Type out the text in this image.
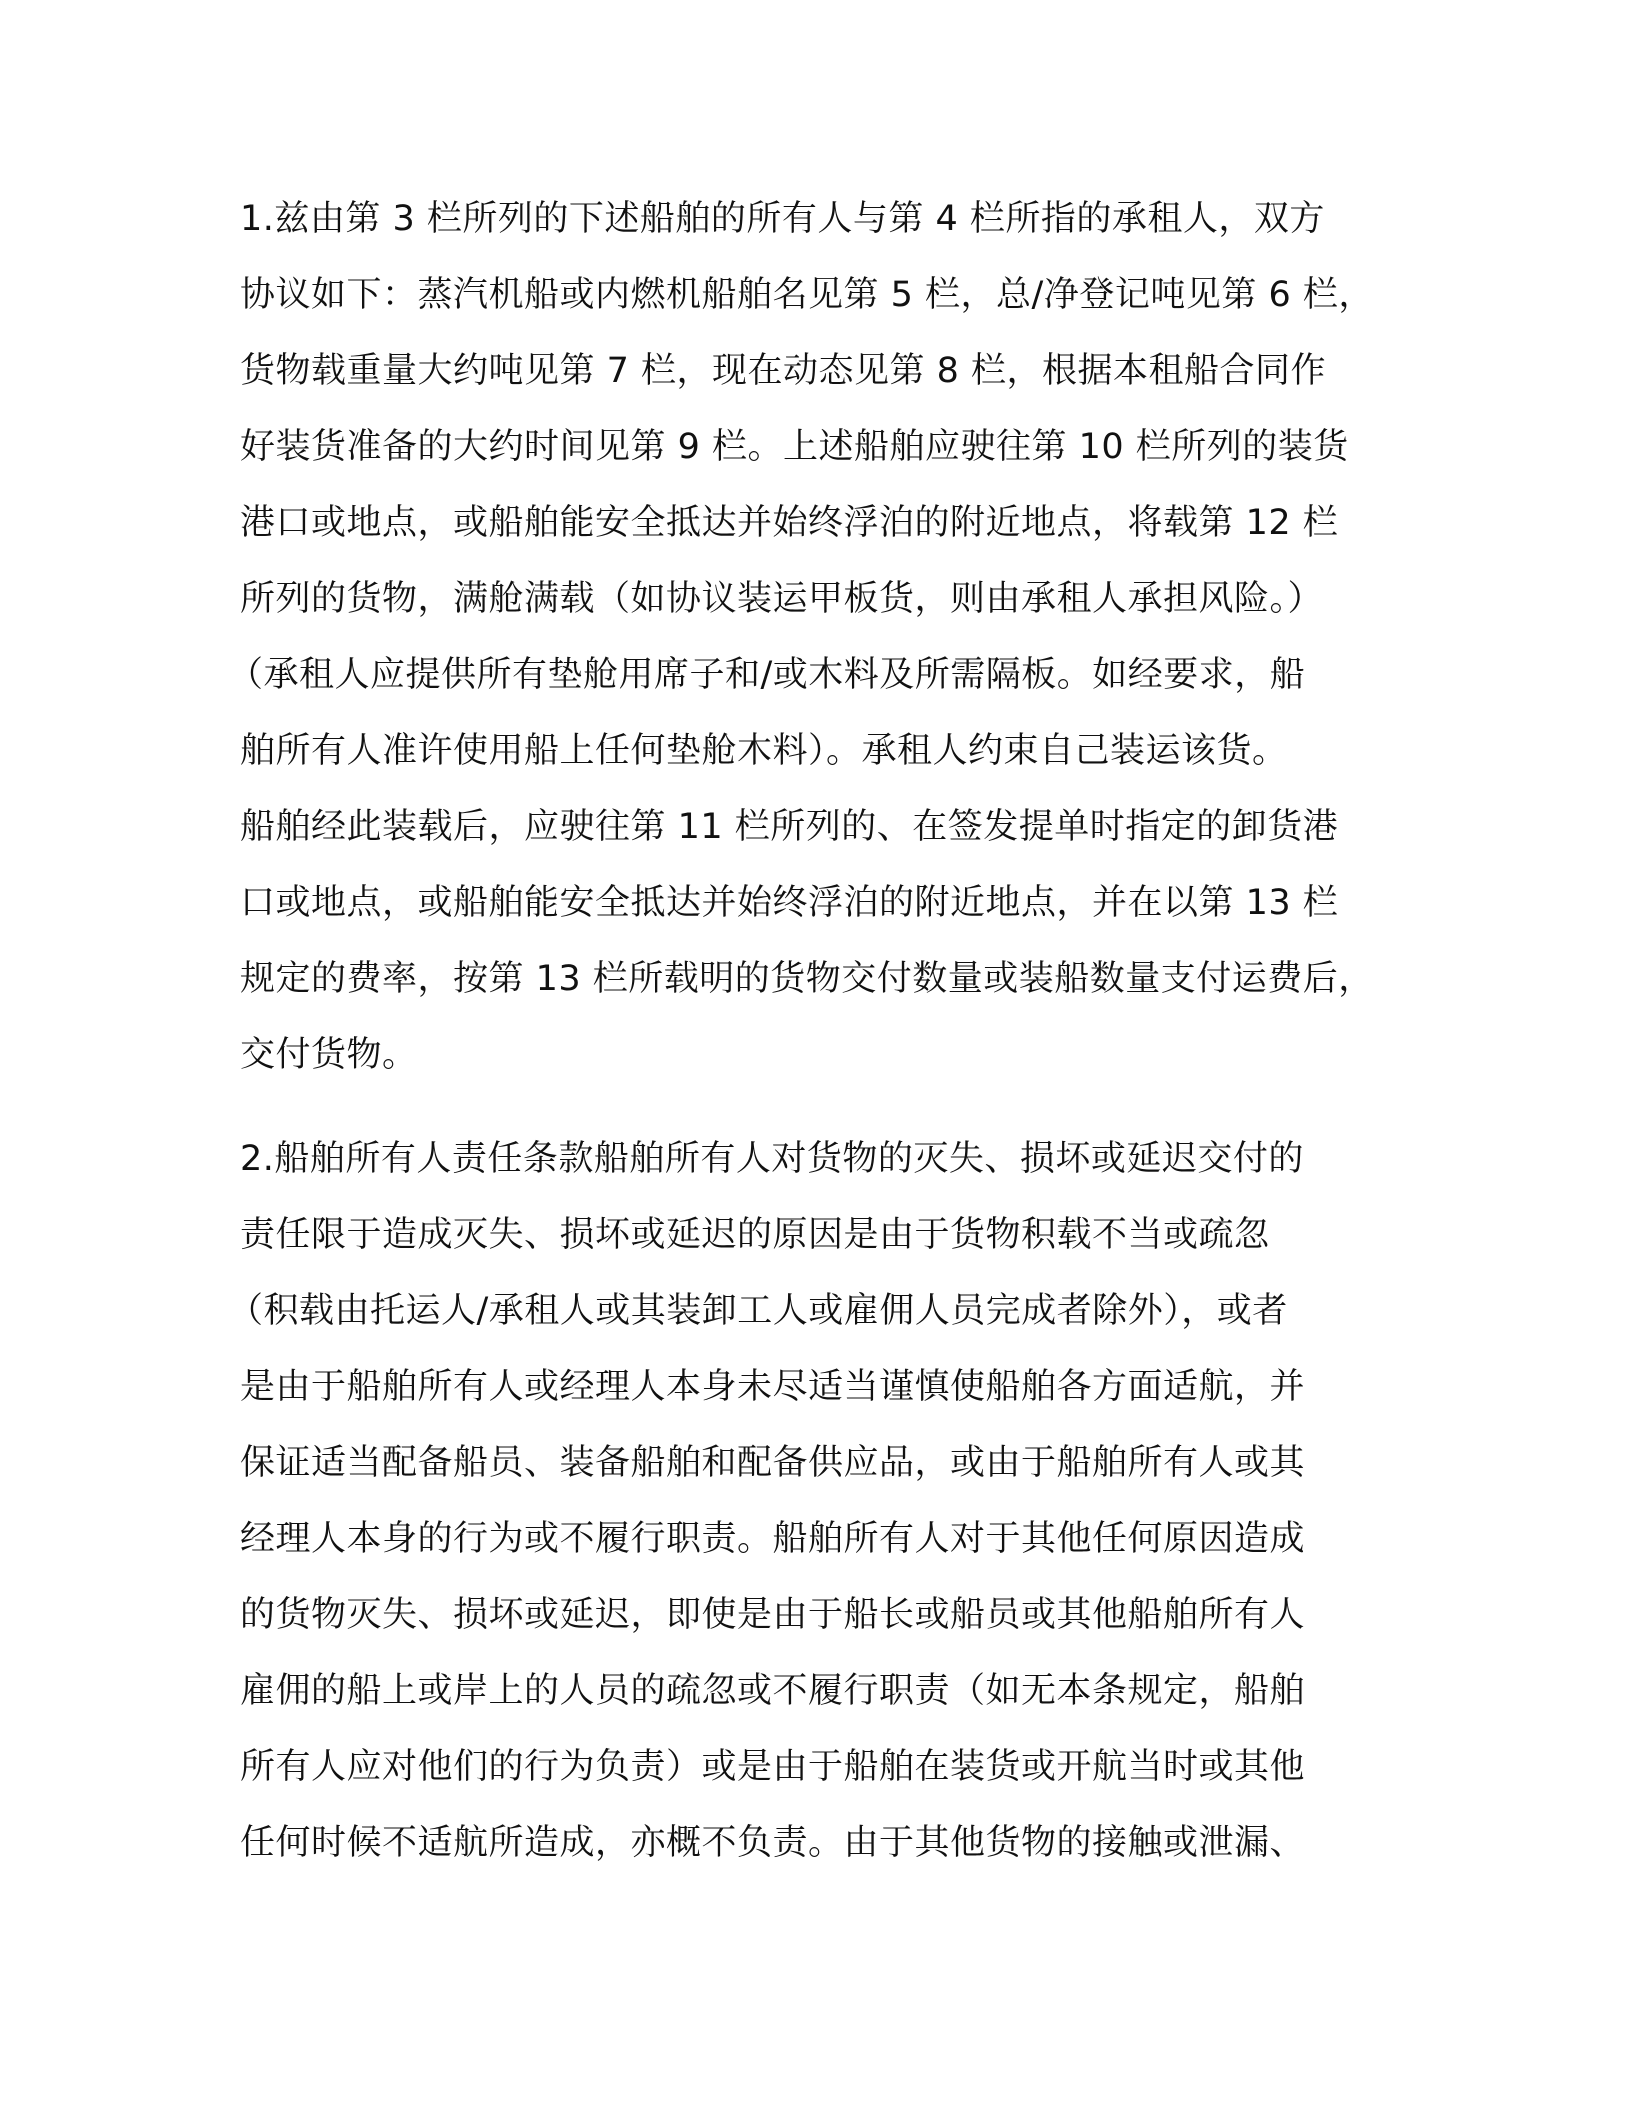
1.兹由第 3 栏所列的下述船舶的所有人与第 4 栏所指的承租人，双方
协议如下：蒸汽机船或内燃机船舶名见第 5 栏，总/净登记吨见第 6 栏，
货物载重量大约吨见第 7 栏，现在动态见第 8 栏，根据本租船合同作
好装货准备的大约时间见第 9 栏。上述船舶应驶往第 10 栏所列的装货
港口或地点，或船舶能安全抵达并始终浮泊的附近地点，将载第 12 栏
所列的货物，满舱满载（如协议装运甲板货，则由承租人承担风险。）
（承租人应提供所有垫舱用席子和/或木料及所需隔板。如经要求，船
舶所有人准许使用船上任何垫舱木料）。承租人约束自己装运该货。
船舶经此装载后，应驶往第 11 栏所列的、在签发提单时指定的卸货港
口或地点，或船舶能安全抵达并始终浮泊的附近地点，并在以第 13 栏
规定的费率，按第 13 栏所载明的货物交付数量或装船数量支付运费后，
交付货物。
2.船舶所有人责任条款船舶所有人对货物的灭失、损坏或延迟交付的
责任限于造成灭失、损坏或延迟的原因是由于货物积载不当或疏忽
（积载由托运人/承租人或其装卸工人或雇佣人员完成者除外），或者
是由于船舶所有人或经理人本身未尽适当谨慎使船舶各方面适航，并
保证适当配备船员、装备船舶和配备供应品，或由于船舶所有人或其
经理人本身的行为或不履行职责。船舶所有人对于其他任何原因造成
的货物灭失、损坏或延迟，即使是由于船长或船员或其他船舶所有人
雇佣的船上或岸上的人员的疏忽或不履行职责（如无本条规定，船舶
所有人应对他们的行为负责）或是由于船舶在装货或开航当时或其他
任何时候不适航所造成，亦概不负责。由于其他货物的接触或泄漏、
